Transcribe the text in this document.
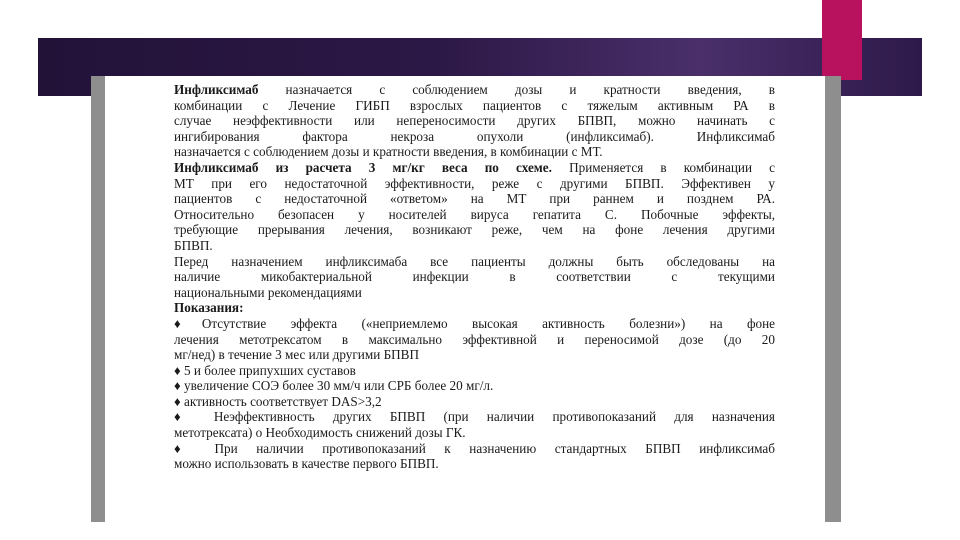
Инфликсимаб назначается с соблюдением дозы и кратности введения, в

комбинации с Лечение ГИБП взрослых пациентов с тяжелым активным РА в

случае неэффективности или непереносимости других БПВП, можно начинать с

ингибирования фактора некроза опухоли (инфликсимаб). Инфликсимаб

назначается с соблюдением дозы и кратности введения, в комбинации с МТ.

Инфликсимаб из расчета 3 мг/кг веса по схеме. Применяется в комбинации с

МТ при его недостаточной эффективности, реже с другими БПВП. Эффективен у

пациентов с недостаточной «ответом» на МТ при раннем и позднем РА.

Относительно безопасен у носителей вируса гепатита С. Побочные эффекты,

требующие прерывания лечения, возникают реже, чем на фоне лечения другими

БПВП.

Перед назначением инфликсимаба все пациенты должны быть обследованы на

наличие микобактериальной инфекции в соответствии с текущими

национальными рекомендациями

Показания:

♦Отсутствие эффекта («неприемлемо высокая активность болезни») на фоне

лечения метотрексатом в максимально эффективной и переносимой дозе (до 20

мг/нед) в течение 3 мес или другими БПВП

♦ 5 и более припухших суставов

♦ увеличение СОЭ более 30 мм/ч или СРБ более 20 мг/л.

♦ активность соответствует DAS>3,2

♦ Неэффективность других БПВП (при наличии противопоказаний для назначения

метотрексата) о Необходимость снижений дозы ГК.

♦ При наличии противопоказаний к назначению стандартных БПВП инфликсимаб

можно использовать в качестве первого БПВП.
